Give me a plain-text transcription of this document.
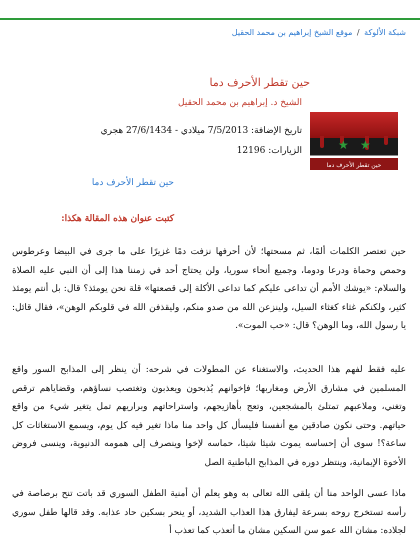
شبكة الألوكة / موقع الشيخ إبراهيم بن محمد الحقيل
حين تقطر الأحرف دما
الشيخ د. إبراهيم بن محمد الحقيل
تاريخ الإضافة: 7/5/2013 ميلادي - 27/6/1434 هجري
الزيارات: 12196	★ ★
حين تقطر الأحرف دما
حين تقطر الأحرف دما
كتبت عنوان هذه المقالة هكذا:

حين تعتصر الكلمات ألمًا، ثم مسحتها؛ لأن أحرفها نزفت دمًا غزيرًا على ما جرى في البيضا وعرطوس وحمص وحماة ودرعا ودوما، وجميع أنحاء سوريا، ولن يحتاج أحد في زمننا هذا إلى أن النبي عليه الصلاة والسلام: «يوشك الأمم أن تداعى عليكم كما تداعى الأكلة إلى قصعتها» قلة نحن يومئذ؟ قال: بل أنتم يومئذ كثير، ولكنكم غثاء كغثاء السيل، ولينزعن الله من صدو منكم، وليقذفن الله في قلوبكم الوهن»، فقال قائل: يا رسول الله، وما الوهن؟ قال: «حب الموت».

عليه فقط لفهم هذا الحديث، والاستغناء عن المطولات في شرحه: أن ينظر إلى المذابح السور واقع المسلمين في مشارق الأرض ومغاربها؛ فإخوانهم يُذبحون ويعذبون وتغتصب نساؤهم، وقضاياهم ترقص وتغني، وملاعبهم تمتلئ بالمشجعين، وتعج بأهازيجهم، واستراحاتهم وبراريهم تمل يتغير شيء من واقع حياتهم. وحتى نكون صادقين مع أنفسنا فليسأل كل واحد منا ماذا تغير فيه كل يوم، ويسمع الاستغاثات كل ساعة؟! سوى أن إحساسه يموت شيئا شيئا، حماسه لإخوا وينصرف إلى همومه الدنيوية، وينسى فروض الأخوة الإيمانية، وينتظر دوره في المذابح الباطنية الصل

ماذا عسى الواحد منا أن يلقى الله تعالى به وهو يعلم أن أمنية الطفل السوري قد باتت تنح برصاصة في رأسه تستخرج روحه بسرعة ليفارق هذا العذاب الشديد، أو ينحر بسكين حاد عذابه. وقد قالها طفل سوري لجلاده: مشان الله عمو سن السكين مشان ما أتعذب كما تعذب أ
